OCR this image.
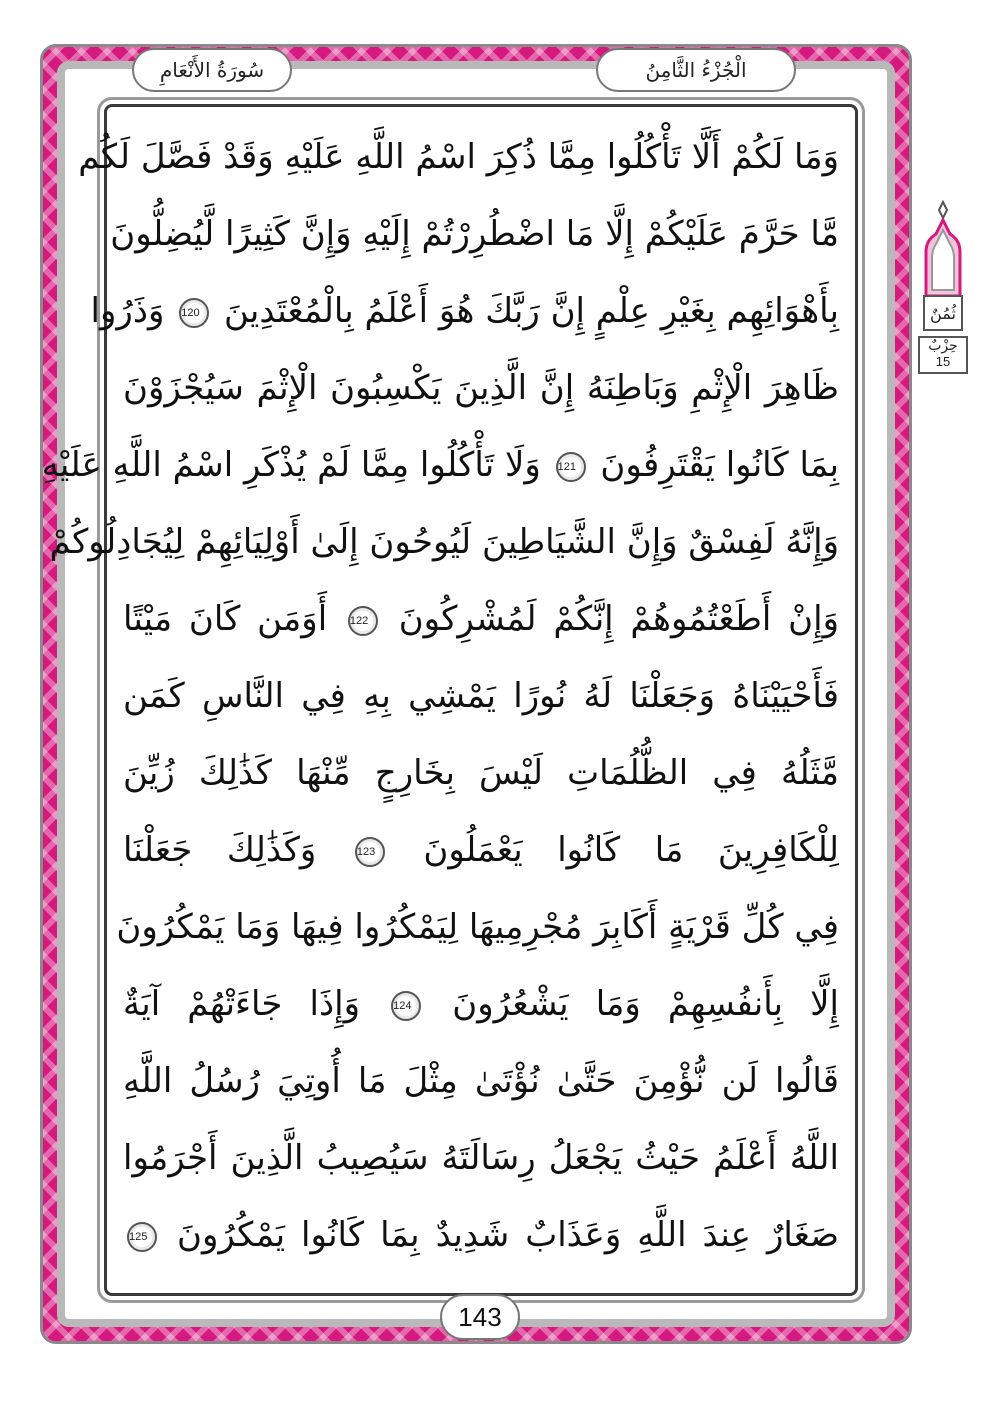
الْجُزْءُ الثَّامِنُ
سُورَةُ الأَنْعَامِ
وَمَا لَكُمْ أَلَّا تَأْكُلُوا مِمَّا ذُكِرَ اسْمُ اللَّهِ عَلَيْهِ وَقَدْ فَصَّلَ لَكُم
مَّا حَرَّمَ عَلَيْكُمْ إِلَّا مَا اضْطُرِرْتُمْ إِلَيْهِ وَإِنَّ كَثِيرًا لَّيُضِلُّونَ
بِأَهْوَائِهِم بِغَيْرِ عِلْمٍ إِنَّ رَبَّكَ هُوَ أَعْلَمُ بِالْمُعْتَدِينَ 120 وَذَرُوا
ظَاهِرَ الْإِثْمِ وَبَاطِنَهُ إِنَّ الَّذِينَ يَكْسِبُونَ الْإِثْمَ سَيُجْزَوْنَ
بِمَا كَانُوا يَقْتَرِفُونَ 121 وَلَا تَأْكُلُوا مِمَّا لَمْ يُذْكَرِ اسْمُ اللَّهِ عَلَيْهِ
وَإِنَّهُ لَفِسْقٌ وَإِنَّ الشَّيَاطِينَ لَيُوحُونَ إِلَىٰ أَوْلِيَائِهِمْ لِيُجَادِلُوكُمْ
وَإِنْ أَطَعْتُمُوهُمْ إِنَّكُمْ لَمُشْرِكُونَ 122 أَوَمَن كَانَ مَيْتًا
فَأَحْيَيْنَاهُ وَجَعَلْنَا لَهُ نُورًا يَمْشِي بِهِ فِي النَّاسِ كَمَن
مَّثَلُهُ فِي الظُّلُمَاتِ لَيْسَ بِخَارِجٍ مِّنْهَا كَذَٰلِكَ زُيِّنَ
لِلْكَافِرِينَ مَا كَانُوا يَعْمَلُونَ 123 وَكَذَٰلِكَ جَعَلْنَا
فِي كُلِّ قَرْيَةٍ أَكَابِرَ مُجْرِمِيهَا لِيَمْكُرُوا فِيهَا وَمَا يَمْكُرُونَ
إِلَّا بِأَنفُسِهِمْ وَمَا يَشْعُرُونَ 124 وَإِذَا جَاءَتْهُمْ آيَةٌ
قَالُوا لَن نُّؤْمِنَ حَتَّىٰ نُؤْتَىٰ مِثْلَ مَا أُوتِيَ رُسُلُ اللَّهِ
اللَّهُ أَعْلَمُ حَيْثُ يَجْعَلُ رِسَالَتَهُ سَيُصِيبُ الَّذِينَ أَجْرَمُوا
صَغَارٌ عِندَ اللَّهِ وَعَذَابٌ شَدِيدٌ بِمَا كَانُوا يَمْكُرُونَ 125
ثُمُنٌ
حِزْبٌ
15
143
